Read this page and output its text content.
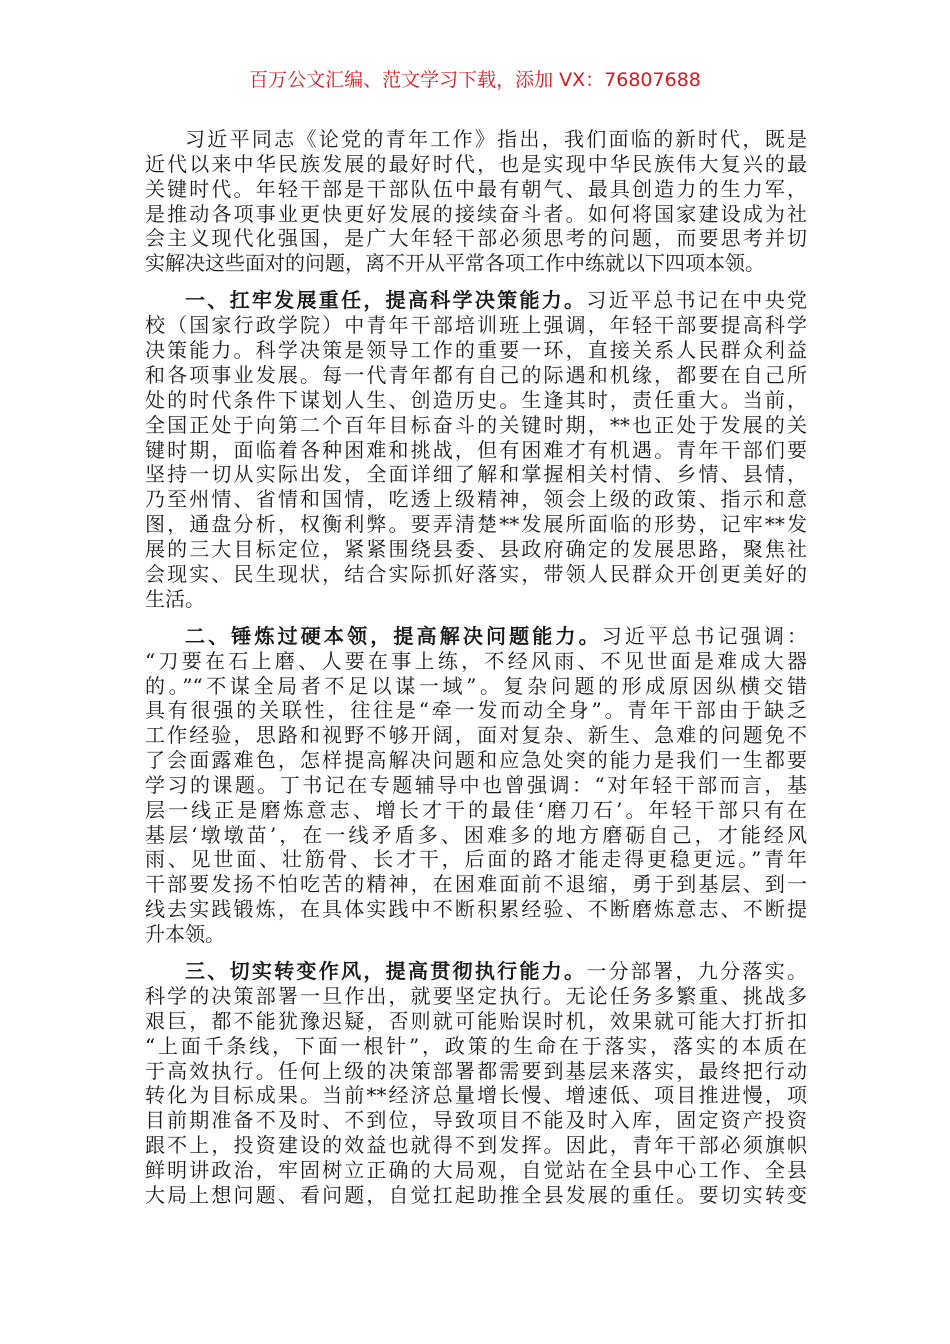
百万公文汇编、范文学习下载，添加 VX：76807688
习近平同志《论党的青年工作》指出，我们面临的新时代，既是
近代以来中华民族发展的最好时代，也是实现中华民族伟大复兴的最
关键时代。年轻干部是干部队伍中最有朝气、最具创造力的生力军，
是推动各项事业更快更好发展的接续奋斗者。如何将国家建设成为社
会主义现代化强国，是广大年轻干部必须思考的问题，而要思考并切
实解决这些面对的问题，离不开从平常各项工作中练就以下四项本领。
一、扛牢发展重任，提高科学决策能力。习近平总书记在中央党
校（国家行政学院）中青年干部培训班上强调，年轻干部要提高科学
决策能力。科学决策是领导工作的重要一环，直接关系人民群众利益
和各项事业发展。每一代青年都有自己的际遇和机缘，都要在自己所
处的时代条件下谋划人生、创造历史。生逢其时，责任重大。当前，
全国正处于向第二个百年目标奋斗的关键时期，**也正处于发展的关
键时期，面临着各种困难和挑战，但有困难才有机遇。青年干部们要
坚持一切从实际出发，全面详细了解和掌握相关村情、乡情、县情，
乃至州情、省情和国情，吃透上级精神，领会上级的政策、指示和意
图，通盘分析，权衡利弊。要弄清楚**发展所面临的形势，记牢**发
展的三大目标定位，紧紧围绕县委、县政府确定的发展思路，聚焦社
会现实、民生现状，结合实际抓好落实，带领人民群众开创更美好的
生活。
二、锤炼过硬本领，提高解决问题能力。习近平总书记强调：
“刀要在石上磨、人要在事上练，不经风雨、不见世面是难成大器
的。”“不谋全局者不足以谋一域”。复杂问题的形成原因纵横交错
具有很强的关联性，往往是“牵一发而动全身”。青年干部由于缺乏
工作经验，思路和视野不够开阔，面对复杂、新生、急难的问题免不
了会面露难色，怎样提高解决问题和应急处突的能力是我们一生都要
学习的课题。丁书记在专题辅导中也曾强调：“对年轻干部而言，基
层一线正是磨炼意志、增长才干的最佳‘磨刀石’。年轻干部只有在
基层‘墩墩苗’，在一线矛盾多、困难多的地方磨砺自己，才能经风
雨、见世面、壮筋骨、长才干，后面的路才能走得更稳更远。”青年
干部要发扬不怕吃苦的精神，在困难面前不退缩，勇于到基层、到一
线去实践锻炼，在具体实践中不断积累经验、不断磨炼意志、不断提
升本领。
三、切实转变作风，提高贯彻执行能力。一分部署，九分落实。
科学的决策部署一旦作出，就要坚定执行。无论任务多繁重、挑战多
艰巨，都不能犹豫迟疑，否则就可能贻误时机，效果就可能大打折扣
“上面千条线，下面一根针”，政策的生命在于落实，落实的本质在
于高效执行。任何上级的决策部署都需要到基层来落实，最终把行动
转化为目标成果。当前**经济总量增长慢、增速低、项目推进慢，项
目前期准备不及时、不到位，导致项目不能及时入库，固定资产投资
跟不上，投资建设的效益也就得不到发挥。因此，青年干部必须旗帜
鲜明讲政治，牢固树立正确的大局观，自觉站在全县中心工作、全县
大局上想问题、看问题，自觉扛起助推全县发展的重任。要切实转变
